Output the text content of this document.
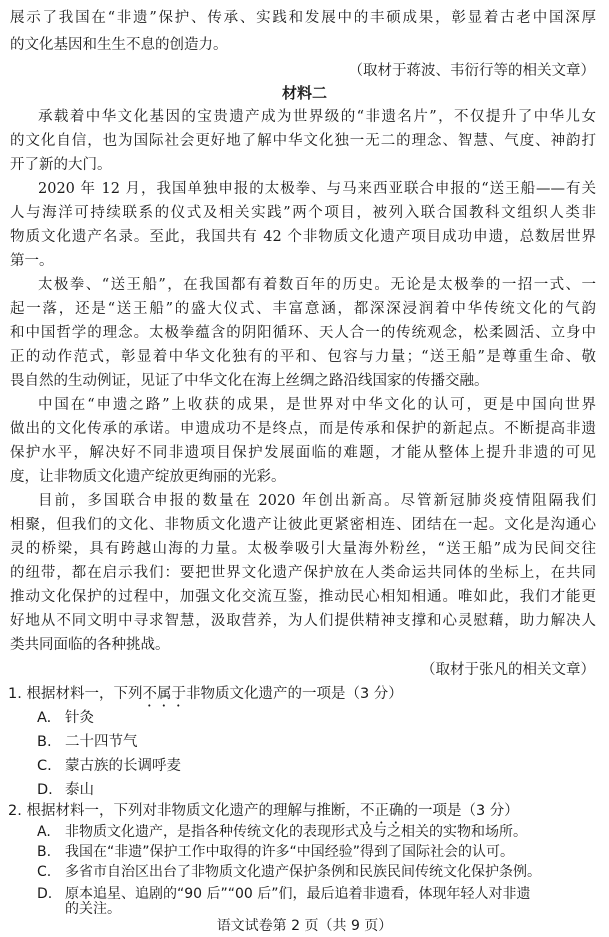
展示了我国在“非遗”保护、传承、实践和发展中的丰硕成果，彰显着古老中国深厚
的文化基因和生生不息的创造力。
（取材于蒋波、韦衍行等的相关文章）
材料二
承载着中华文化基因的宝贵遗产成为世界级的“非遗名片”，不仅提升了中华儿女
的文化自信，也为国际社会更好地了解中华文化独一无二的理念、智慧、气度、神韵打
开了新的大门。
2020 年 12 月，我国单独申报的太极拳、与马来西亚联合申报的“送王船——有关
人与海洋可持续联系的仪式及相关实践”两个项目，被列入联合国教科文组织人类非
物质文化遗产名录。至此，我国共有 42 个非物质文化遗产项目成功申遗，总数居世界
第一。
太极拳、“送王船”，在我国都有着数百年的历史。无论是太极拳的一招一式、一
起一落，还是“送王船”的盛大仪式、丰富意涵，都深深浸润着中华传统文化的气韵
和中国哲学的理念。太极拳蕴含的阴阳循环、天人合一的传统观念，松柔圆活、立身中
正的动作范式，彰显着中华文化独有的平和、包容与力量；“送王船”是尊重生命、敬
畏自然的生动例证，见证了中华文化在海上丝绸之路沿线国家的传播交融。
中国在“申遗之路”上收获的成果，是世界对中华文化的认可，更是中国向世界
做出的文化传承的承诺。申遗成功不是终点，而是传承和保护的新起点。不断提高非遗
保护水平，解决好不同非遗项目保护发展面临的难题，才能从整体上提升非遗的可见
度，让非物质文化遗产绽放更绚丽的光彩。
目前，多国联合申报的数量在 2020 年创出新高。尽管新冠肺炎疫情阻隔我们
相聚，但我们的文化、非物质文化遗产让彼此更紧密相连、团结在一起。文化是沟通心
灵的桥梁，具有跨越山海的力量。太极拳吸引大量海外粉丝，“送王船”成为民间交往
的纽带，都在启示我们：要把世界文化遗产保护放在人类命运共同体的坐标上，在共同
推动文化保护的过程中，加强文化交流互鉴，推动民心相知相通。唯如此，我们才能更
好地从不同文明中寻求智慧，汲取营养，为人们提供精神支撑和心灵慰藉，助力解决人
类共同面临的各种挑战。
（取材于张凡的相关文章）
1. 根据材料一，下列不属于非物质文化遗产的一项是（3 分）
A. 针灸
B. 二十四节气
C. 蒙古族的长调呼麦
D. 泰山
2. 根据材料一，下列对非物质文化遗产的理解与推断，不正确的一项是（3 分）
A. 非物质文化遗产，是指各种传统文化的表现形式及与之相关的实物和场所。
B. 我国在“非遗”保护工作中取得的许多“中国经验”得到了国际社会的认可。
C. 多省市自治区出台了非物质文化遗产保护条例和民族民间传统文化保护条例。
D. 原本追星、追剧的“90 后”“00 后”们，最后追着非遗看，体现年轻人对非遗
的关注。
语文试卷第 2 页（共 9 页）
